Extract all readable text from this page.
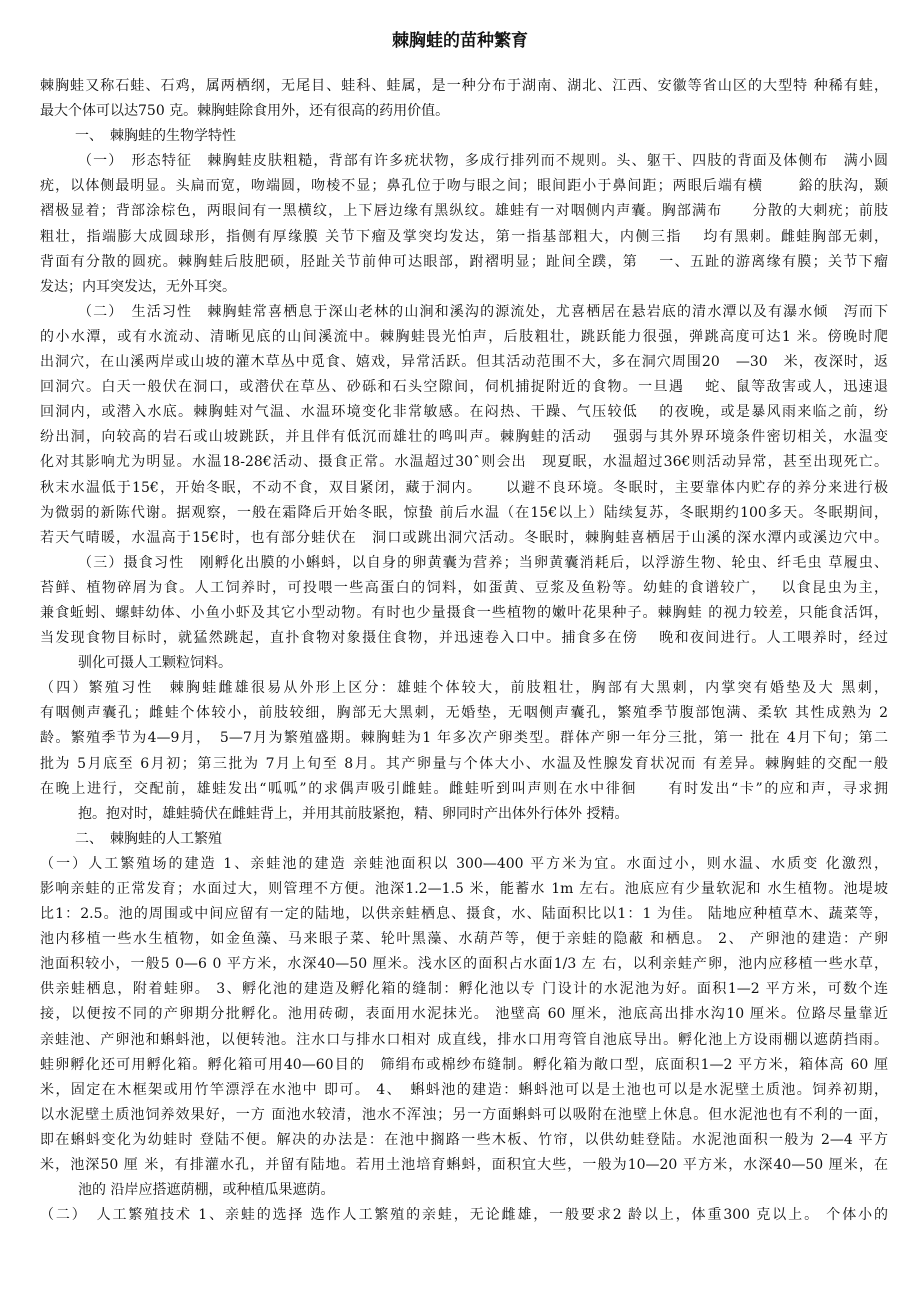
棘胸蛙的苗种繁育
棘胸蛙又称石蛙、石鸡，属两栖纲，无尾目、蛙科、蛙属，是一种分布于湖南、湖北、江西、安徽等省山区的大型特 种稀有蛙，
最大个体可以达750 克。棘胸蛙除食用外，还有很高的药用价值。
一、　棘胸蛙的生物学特性
（一）　形态特征　棘胸蛙皮肤粗糙，背部有许多疣状物，多成行排列而不规则。头、躯干、四肢的背面及体侧布　满小圆
疣，以体侧最明显。头扁而宽，吻端圆，吻棱不显；鼻孔位于吻与眼之间；眼间距小于鼻间距；两眼后端有横　　 鋊的肤沟，颞
褶极显着；背部涂棕色，两眼间有一黑横纹，上下唇边缘有黑纵纹。雄蛙有一对咽侧内声囊。胸部满布　　分散的大刺疣；前肢
粗壮，指端膨大成圆球形，指侧有厚缘膜 关节下瘤及掌突均发达，第一指基部粗大，内侧三指　 均有黑刺。雌蛙胸部无刺，
背面有分散的圆疣。棘胸蛙后肢肥硕，胫趾关节前伸可达眼部，跗褶明显；趾间全蹼，第　 一、五趾的游离缘有膜；关节下瘤
发达；内耳突发达，无外耳突。
（二）　生活习性　棘胸蛙常喜栖息于深山老林的山涧和溪沟的源流处，尤喜栖居在悬岩底的清水潭以及有瀑水倾　泻而下
的小水潭，或有水流动、清晰见底的山间溪流中。棘胸蛙畏光怕声，后肢粗壮，跳跃能力很强，弹跳高度可达1 米。傍晚时爬
出洞穴，在山溪两岸或山坡的灌木草丛中觅食、嬉戏，异常活跃。但其活动范围不大，多在洞穴周围20　—30　米，夜深时，返
回洞穴。白天一般伏在洞口，或潜伏在草丛、砂砾和石头空隙间，伺机捕捉附近的食物。一旦遇　 蛇、鼠等敌害或人，迅速退
回洞内，或潜入水底。棘胸蛙对气温、水温环境变化非常敏感。在闷热、干躁、气压较低　 的夜晚，或是暴风雨来临之前，纷
纷出洞，向较高的岩石或山坡跳跃，并且伴有低沉而雄壮的鸣叫声。棘胸蛙的活动　 强弱与其外界环境条件密切相关，水温变
化对其影响尤为明显。水温18-28€活动、摄食正常。水温超过30ˆ则会出　现夏眠，水温超过36€则活动异常，甚至出现死亡。
秋末水温低于15€，开始冬眠，不动不食，双目紧闭，藏于洞内。　　以避不良环境。冬眠时，主要靠体内贮存的养分来进行极
为微弱的新陈代谢。据观察，一般在霜降后开始冬眠，惊蛰 前后水温（在15€以上）陆续复苏，冬眠期约100多天。冬眠期间，
若天气晴暖，水温高于15€时，也有部分蛙伏在　洞口或跳出洞穴活动。冬眠时，棘胸蛙喜栖居于山溪的深水潭内或溪边穴中。
（三）摄食习性　刚孵化出膜的小蝌蚪，以自身的卵黄囊为营养；当卵黄囊消耗后，以浮游生物、轮虫、纤毛虫 草履虫、
苔鲜、植物碎屑为食。人工饲养时，可投喂一些高蛋白的饲料，如蛋黄、豆浆及鱼粉等。幼蛙的食谱较广，　 以食昆虫为主，
兼食蚯蚓、螺蚌幼体、小鱼小虾及其它小型动物。有时也少量摄食一些植物的嫩叶花果种子。棘胸蛙 的视力较差，只能食活饵，
当发现食物目标时，就猛然跳起，直扑食物对象摄住食物，并迅速卷入口中。捕食多在傍　 晚和夜间进行。人工喂养时，经过
驯化可摄人工颗粒饲料。
（四）繁殖习性　棘胸蛙雌雄很易从外形上区分：雄蛙个体较大，前肢粗壮，胸部有大黑刺，内掌突有婚垫及大 黑刺，
有咽侧声囊孔；雌蛙个体较小，前肢较细，胸部无大黑刺，无婚垫，无咽侧声囊孔，繁殖季节腹部饱满、柔软 其性成熟为 2
龄。繁殖季节为4—9月，　5—7月为繁殖盛期。棘胸蛙为1 年多次产卵类型。群体产卵一年分三批，第一 批在 4月下旬；第二
批为 5月底至 6月初；第三批为 7月上旬至 8月。其产卵量与个体大小、水温及性腺发育状况而 有差异。棘胸蛙的交配一般
在晚上进行，交配前，雄蛙发出“呱呱”的求偶声吸引雌蛙。雌蛙听到叫声则在水中徘徊　　有时发出“卡”的应和声，寻求拥
抱。抱对时，雄蛙骑伏在雌蛙背上，并用其前肢紧抱，精、卵同时产出体外行体外 授精。
二、　棘胸蛙的人工繁殖
（一）人工繁殖场的建造 1、亲蛙池的建造 亲蛙池面积以 300—400 平方米为宜。水面过小，则水温、水质变 化激烈，
影响亲蛙的正常发育；水面过大，则管理不方便。池深1.2—1.5 米，能蓄水 1m 左右。池底应有少量软泥和 水生植物。池堤坡
比1：2.5。池的周围或中间应留有一定的陆地，以供亲蛙栖息、摄食，水、陆面积比以1：1 为佳。 陆地应种植草木、蔬菜等，
池内移植一些水生植物，如金鱼藻、马来眼子菜、轮叶黑藻、水葫芦等，便于亲蛙的隐蔽 和栖息。 2、 产卵池的建造：产卵
池面积较小，一般5 0—6 0 平方米，水深40—50 厘米。浅水区的面积占水面1/3 左 右，以利亲蛙产卵，池内应移植一些水草，
供亲蛙栖息，附着蛙卵。 3、孵化池的建造及孵化箱的缝制：孵化池以专 门设计的水泥池为好。面积1—2 平方米，可数个连
接，以便按不同的产卵期分批孵化。池用砖砌，表面用水泥抹光。 池壁高 60 厘米，池底高出排水沟10 厘米。位路尽量靠近
亲蛙池、产卵池和蝌蚪池，以便转池。注水口与排水口相对 成直线，排水口用弯管自池底导出。孵化池上方设雨棚以遮荫挡雨。
蛙卵孵化还可用孵化箱。孵化箱可用40—60目的　筛绢布或棉纱布缝制。孵化箱为敞口型，底面积1—2 平方米，箱体高 60 厘
米，固定在木框架或用竹竿漂浮在水池中 即可。 4、　蝌蚪池的建造：蝌蚪池可以是土池也可以是水泥壁土质池。饲养初期，
以水泥壁土质池饲养效果好，一方 面池水较清，池水不浑浊；另一方面蝌蚪可以吸附在池壁上休息。但水泥池也有不利的一面，
即在蝌蚪变化为幼蛙时 登陆不便。解决的办法是：在池中搁路一些木板、竹帘，以供幼蛙登陆。水泥池面积一般为 2—4 平方
米，池深50 厘 米，有排灌水孔，并留有陆地。若用土池培育蝌蚪，面积宜大些，一般为10—20 平方米，水深40—50 厘米，在
池的 沿岸应搭遮荫棚，或种植瓜果遮荫。
（二）　人工繁殖技术 1、亲蛙的选择 选作人工繁殖的亲蛙，无论雌雄，一般要求2 龄以上，体重300 克以上。 个体小的
